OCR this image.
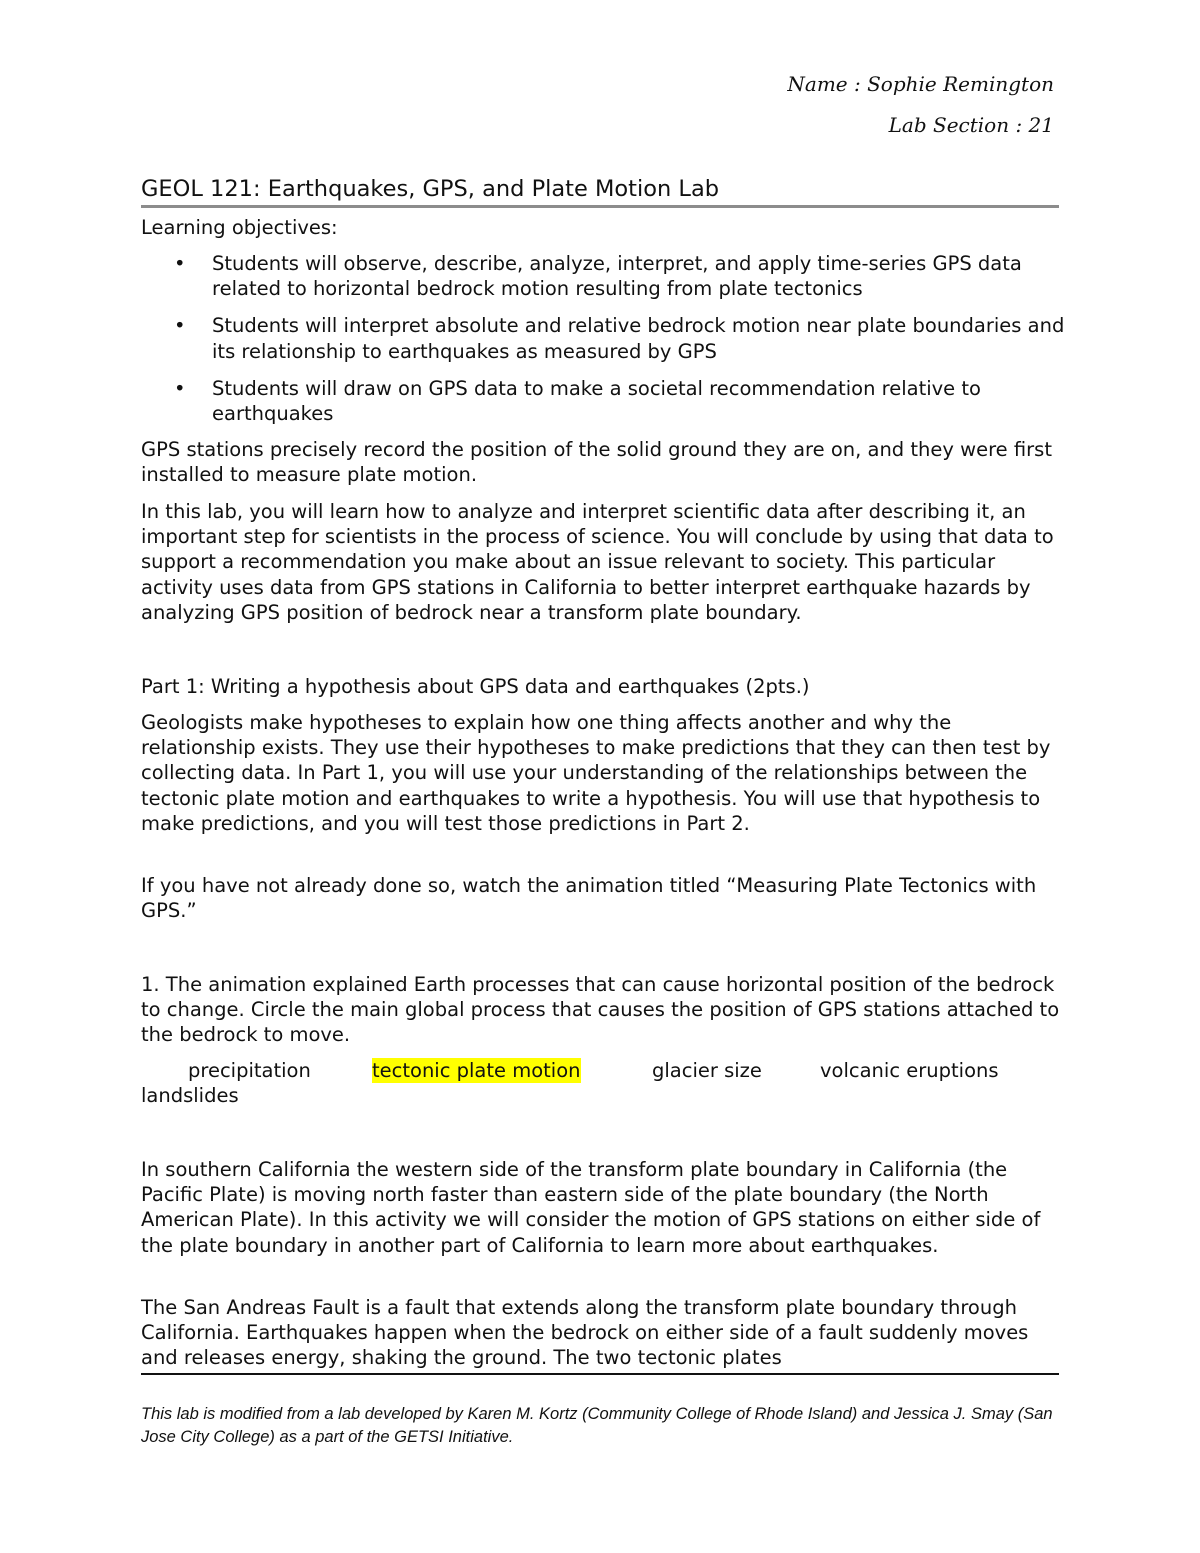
Name : Sophie Remington
Lab Section : 21
GEOL 121: Earthquakes, GPS, and Plate Motion Lab
Learning objectives:
• Students will observe, describe, analyze, interpret, and apply time-series GPS data related to horizontal bedrock motion resulting from plate tectonics
• Students will interpret absolute and relative bedrock motion near plate boundaries and its relationship to earthquakes as measured by GPS
• Students will draw on GPS data to make a societal recommendation relative to earthquakes

GPS stations precisely record the position of the solid ground they are on, and they were first installed to measure plate motion.

In this lab, you will learn how to analyze and interpret scientific data after describing it, an important step for scientists in the process of science. You will conclude by using that data to support a recommendation you make about an issue relevant to society. This particular activity uses data from GPS stations in California to better interpret earthquake hazards by analyzing GPS position of bedrock near a transform plate boundary.

Part 1: Writing a hypothesis about GPS data and earthquakes (2pts.)

Geologists make hypotheses to explain how one thing affects another and why the relationship exists. They use their hypotheses to make predictions that they can then test by collecting data. In Part 1, you will use your understanding of the relationships between the tectonic plate motion and earthquakes to write a hypothesis. You will use that hypothesis to make predictions, and you will test those predictions in Part 2.

If you have not already done so, watch the animation titled “Measuring Plate Tectonics with GPS.”

1. The animation explained Earth processes that can cause horizontal position of the bedrock to change. Circle the main global process that causes the position of GPS stations attached to the bedrock to move.

precipitation	tectonic plate motion	glacier size	volcanic eruptions
landslides

In southern California the western side of the transform plate boundary in California (the Pacific Plate) is moving north faster than eastern side of the plate boundary (the North American Plate). In this activity we will consider the motion of GPS stations on either side of the plate boundary in another part of California to learn more about earthquakes.

The San Andreas Fault is a fault that extends along the transform plate boundary through California. Earthquakes happen when the bedrock on either side of a fault suddenly moves and releases energy, shaking the ground. The two tectonic plates

This lab is modified from a lab developed by Karen M. Kortz (Community College of Rhode Island) and Jessica J. Smay (San Jose City College) as a part of the GETSI Initiative.
